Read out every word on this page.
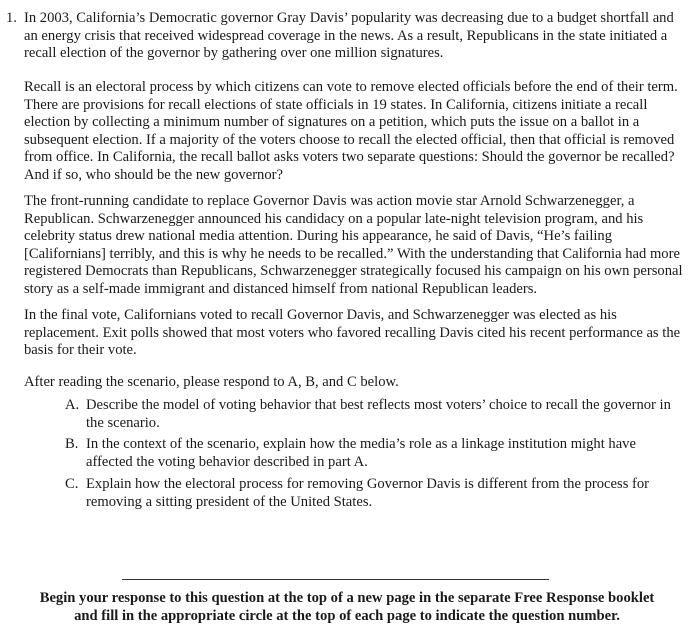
1. In 2003, California’s Democratic governor Gray Davis’ popularity was decreasing due to a budget shortfall and an energy crisis that received widespread coverage in the news. As a result, Republicans in the state initiated a recall election of the governor by gathering over one million signatures.

Recall is an electoral process by which citizens can vote to remove elected officials before the end of their term. There are provisions for recall elections of state officials in 19 states. In California, citizens initiate a recall election by collecting a minimum number of signatures on a petition, which puts the issue on a ballot in a subsequent election. If a majority of the voters choose to recall the elected official, then that official is removed from office. In California, the recall ballot asks voters two separate questions: Should the governor be recalled? And if so, who should be the new governor?

The front-running candidate to replace Governor Davis was action movie star Arnold Schwarzenegger, a Republican. Schwarzenegger announced his candidacy on a popular late-night television program, and his celebrity status drew national media attention. During his appearance, he said of Davis, “He’s failing [Californians] terribly, and this is why he needs to be recalled.” With the understanding that California had more registered Democrats than Republicans, Schwarzenegger strategically focused his campaign on his own personal story as a self-made immigrant and distanced himself from national Republican leaders.

In the final vote, Californians voted to recall Governor Davis, and Schwarzenegger was elected as his replacement. Exit polls showed that most voters who favored recalling Davis cited his recent performance as the basis for their vote.

After reading the scenario, please respond to A, B, and C below.

A. Describe the model of voting behavior that best reflects most voters’ choice to recall the governor in the scenario.
B. In the context of the scenario, explain how the media’s role as a linkage institution might have affected the voting behavior described in part A.
C. Explain how the electoral process for removing Governor Davis is different from the process for removing a sitting president of the United States.
Begin your response to this question at the top of a new page in the separate Free Response booklet
and fill in the appropriate circle at the top of each page to indicate the question number.
